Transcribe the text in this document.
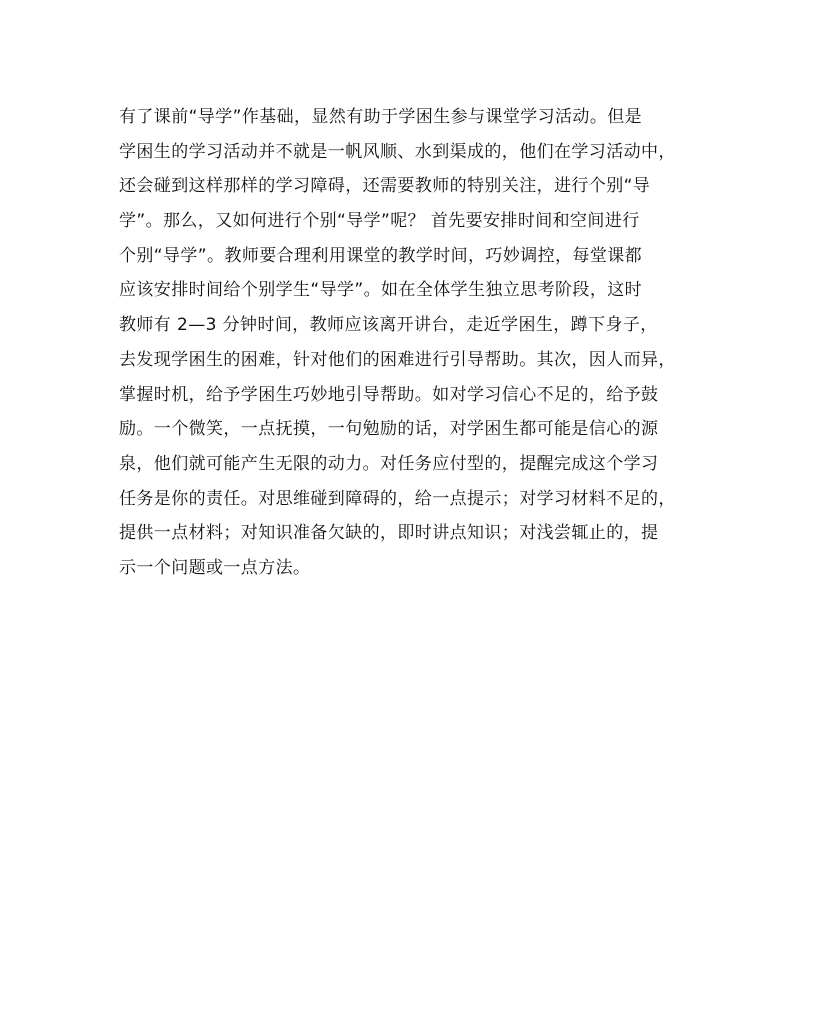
有了课前“导学”作基础，显然有助于学困生参与课堂学习活动。但是
学困生的学习活动并不就是一帆风顺、水到渠成的，他们在学习活动中，
还会碰到这样那样的学习障碍，还需要教师的特别关注，进行个别“导
学”。那么，又如何进行个别“导学”呢？ 首先要安排时间和空间进行
个别“导学”。教师要合理利用课堂的教学时间，巧妙调控，每堂课都
应该安排时间给个别学生“导学”。如在全体学生独立思考阶段，这时
教师有 2—3 分钟时间，教师应该离开讲台，走近学困生，蹲下身子，
去发现学困生的困难，针对他们的困难进行引导帮助。其次，因人而异，
掌握时机，给予学困生巧妙地引导帮助。如对学习信心不足的，给予鼓
励。一个微笑，一点抚摸，一句勉励的话，对学困生都可能是信心的源
泉，他们就可能产生无限的动力。对任务应付型的，提醒完成这个学习
任务是你的责任。对思维碰到障碍的，给一点提示；对学习材料不足的，
提供一点材料；对知识准备欠缺的，即时讲点知识；对浅尝辄止的，提
示一个问题或一点方法。
